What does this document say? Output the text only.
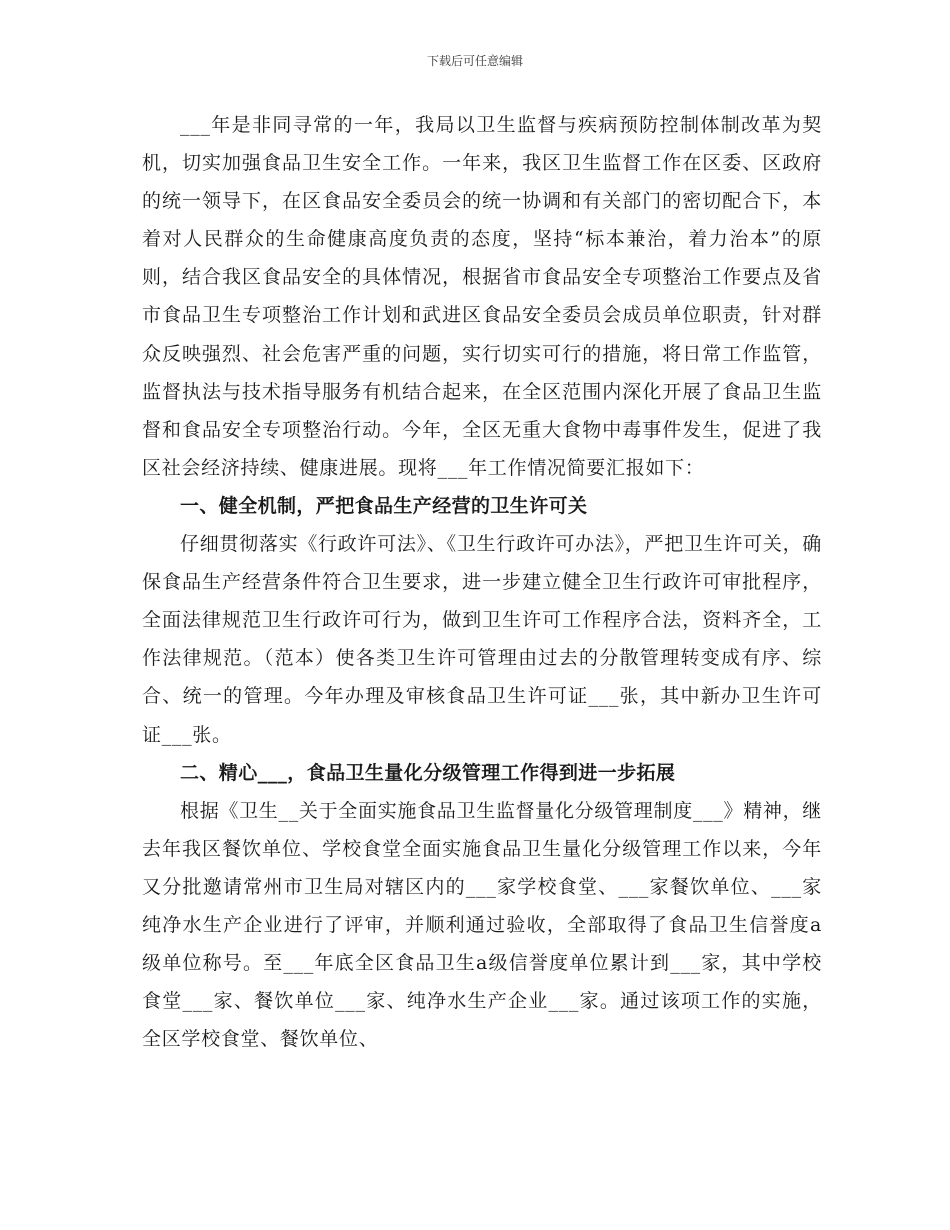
下载后可任意编辑

___年是非同寻常的一年，我局以卫生监督与疾病预防控制体制改革为契机，切实加强食品卫生安全工作。一年来，我区卫生监督工作在区委、区政府的统一领导下，在区食品安全委员会的统一协调和有关部门的密切配合下，本着对人民群众的生命健康高度负责的态度，坚持“标本兼治，着力治本”的原则，结合我区食品安全的具体情况，根据省市食品安全专项整治工作要点及省市食品卫生专项整治工作计划和武进区食品安全委员会成员单位职责，针对群众反映强烈、社会危害严重的问题，实行切实可行的措施，将日常工作监管，监督执法与技术指导服务有机结合起来，在全区范围内深化开展了食品卫生监督和食品安全专项整治行动。今年，全区无重大食物中毒事件发生，促进了我区社会经济持续、健康进展。现将___年工作情况简要汇报如下：

一、健全机制，严把食品生产经营的卫生许可关

仔细贯彻落实《行政许可法》、《卫生行政许可办法》，严把卫生许可关，确保食品生产经营条件符合卫生要求，进一步建立健全卫生行政许可审批程序，全面法律规范卫生行政许可行为，做到卫生许可工作程序合法，资料齐全，工作法律规范。（范本）使各类卫生许可管理由过去的分散管理转变成有序、综合、统一的管理。今年办理及审核食品卫生许可证___张，其中新办卫生许可证___张。

二、精心___，食品卫生量化分级管理工作得到进一步拓展

根据《卫生__关于全面实施食品卫生监督量化分级管理制度___》精神，继去年我区餐饮单位、学校食堂全面实施食品卫生量化分级管理工作以来，今年又分批邀请常州市卫生局对辖区内的___家学校食堂、___家餐饮单位、___家纯净水生产企业进行了评审，并顺利通过验收，全部取得了食品卫生信誉度a级单位称号。至___年底全区食品卫生a级信誉度单位累计到___家，其中学校食堂___家、餐饮单位___家、纯净水生产企业___家。通过该项工作的实施，全区学校食堂、餐饮单位、
